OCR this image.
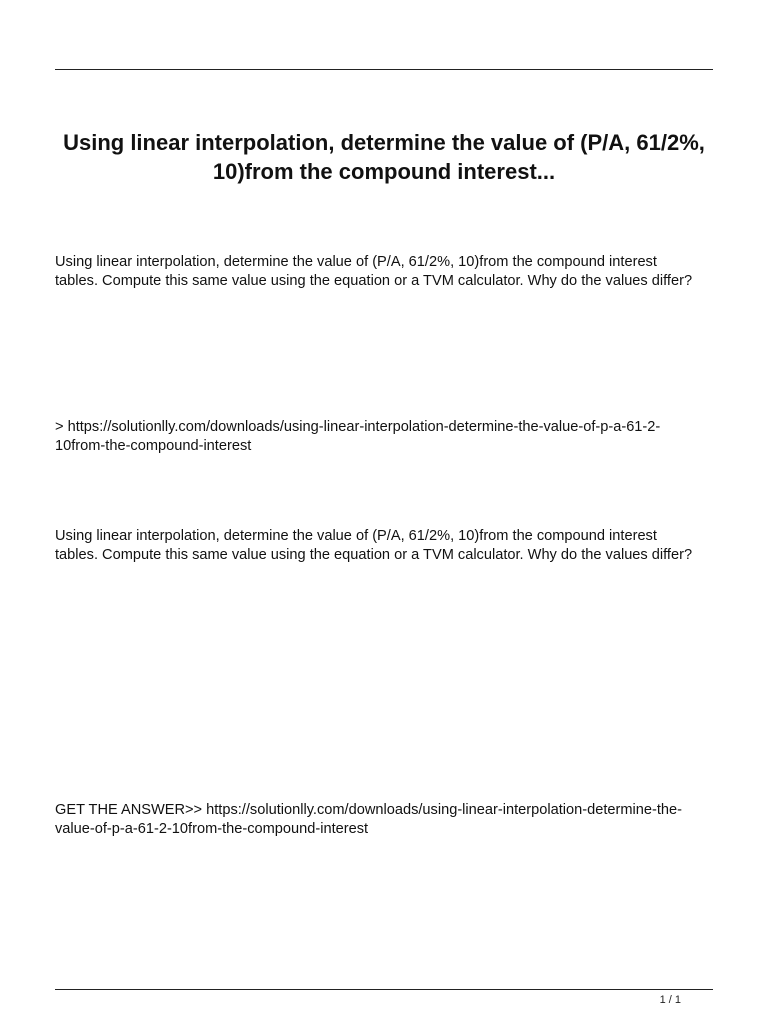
Using linear interpolation, determine the value of (P/A, 61/2%, 10)from the compound interest...

Using linear interpolation, determine the value of (P/A, 61/2%, 10)from the compound interest tables. Compute this same value using the equation or a TVM calculator. Why do the values differ?

> https://solutionlly.com/downloads/using-linear-interpolation-determine-the-value-of-p-a-61-2-10from-the-compound-interest

Using linear interpolation, determine the value of (P/A, 61/2%, 10)from the compound interest tables. Compute this same value using the equation or a TVM calculator. Why do the values differ?

GET THE ANSWER>> https://solutionlly.com/downloads/using-linear-interpolation-determine-the-value-of-p-a-61-2-10from-the-compound-interest

1 / 1
